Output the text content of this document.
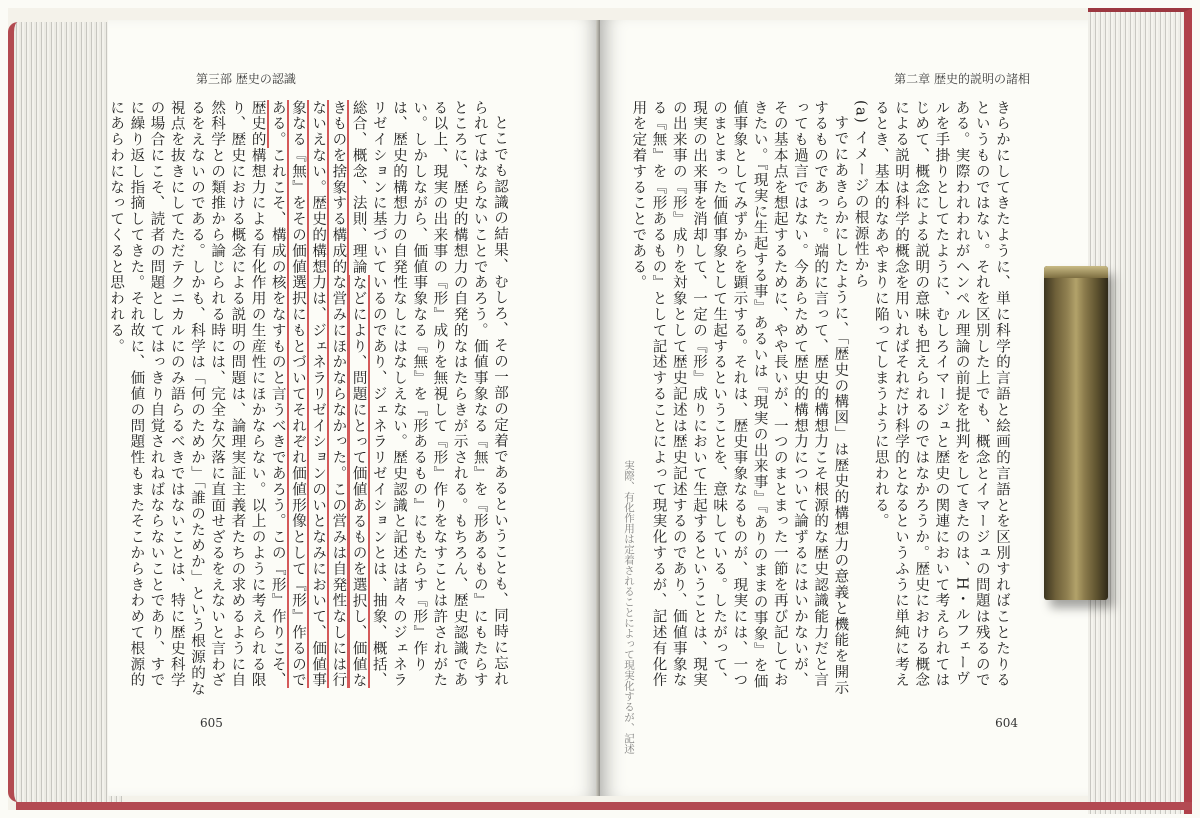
第三部 歴史の認識

とこでも認識の結果、むしろ、その一部の定着であるということも、同時に忘れられてはならないことであろう。価値事象なる『無』を『形あるもの』にもたらすところに、歴史的構想力の自発的なはたらきが示される。もちろん、歴史認識である以上、現実の出来事の『形』成りを無視して『形』作りをなすことは許されがたい。しかしながら、価値事象なる『無』を『形あるもの』にもたらす『形』作りは、歴史的構想力の自発性なしにはなしえない。歴史認識と記述は諸々のジェネラリゼイションに基づいているのであり、ジェネラリゼイションとは、抽象、概括、総合、概念、法則、理論などにより、問題にとって価値あるものを選択し、価値なきものを捨象する構成的な営みにほかならなかった。この営みは自発性なしには行ないえない。歴史的構想力は、ジェネラリゼイションのいとなみにおいて、価値事象なる『無』をその価値選択にもとづいてそれぞれ価値形像として『形』作るのである。これこそ、構成の核をなすものと言うべきであろう。この『形』作りこそ、歴史的構想力による有化作用の生産性にほかならない。以上のように考えられる限り、歴史における概念による説明の問題は、論理実証主義者たちの求めるように自然科学との類推から論じられる時には、完全な欠落に直面せざるをえないと言わざるをえないのである。しかも、科学は「何のためか」「誰のためか」という根源的な視点を抜きにしてただテクニカルにのみ語らるべきではないことは、特に歴史科学の場合にこそ、読者の問題としてはっきり自覚されねばならないことであり、すでに繰り返し指摘してきた。それ故に、価値の問題性もまたそこからきわめて根源的にあらわになってくると思われる。

605
第二章 歴史的説明の諸相

きらかにしてきたように、単に科学的言語と絵画的言語とを区別すればことたりるというものではない。それを区別した上でも、概念とイマージュの問題は残るのである。実際われわれがヘンペル理論の前提を批判をしてきたのは、H・ルフェーヴルを手掛りとしてたように、むしろイマージュと歴史の関連において考えられてはじめて、概念による説明の意味も把えられるのではなかろうか。歴史における概念による説明は科学的概念を用いればそれだけ科学的となるというふうに単純に考えるとき、基本的なあやまりに陥ってしまうように思われる。

(a) イメージの根源性から

すでにあきらかにしたように、「歴史の構図」は歴史的構想力の意義と機能を開示するものであった。端的に言って、歴史的構想力こそ根源的な歴史認識能力だと言っても過言ではない。今あらためて歴史的構想力について論ずるにはいかないが、その基本点を想起するために、やや長いが、一つのまとまった一節を再び記しておきたい。『現実に生起する事』あるいは『現実の出来事』『ありのままの事象』を価値事象としてみずからを顕示する。それは、歴史事象なるものが、現実には、一つのまとまった価値事象として生起するということを、意味している。したがって、現実の出来事を消却して、一定の『形』成りにおいて生起するということは、現実の出来事の『形』成りを対象として歴史記述は歴史記述するのであり、価値事象なる『無』を『形あるもの』として記述することによって現実化するが、記述有化作用を定着することである。

実際、有化作用は定着されることによって現実化するが、記述	604
